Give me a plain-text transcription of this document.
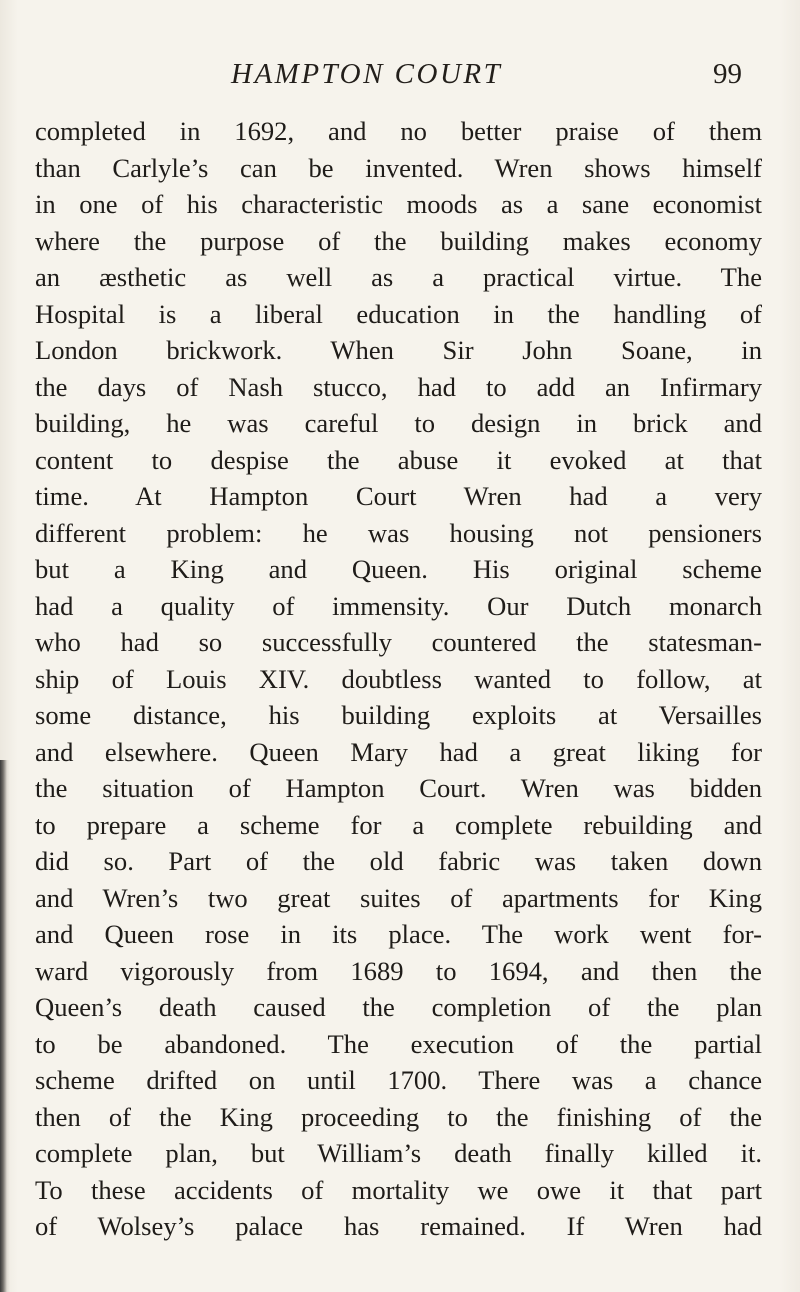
HAMPTON COURT	99
completed in 1692, and no better praise of them
than Carlyle’s can be invented. Wren shows himself
in one of his characteristic moods as a sane economist
where the purpose of the building makes economy
an æsthetic as well as a practical virtue. The
Hospital is a liberal education in the handling of
London brickwork. When Sir John Soane, in
the days of Nash stucco, had to add an Infirmary
building, he was careful to design in brick and
content to despise the abuse it evoked at that
time. At Hampton Court Wren had a very
different problem: he was housing not pensioners
but a King and Queen. His original scheme
had a quality of immensity. Our Dutch monarch
who had so successfully countered the statesman-
ship of Louis XIV. doubtless wanted to follow, at
some distance, his building exploits at Versailles
and elsewhere. Queen Mary had a great liking for
the situation of Hampton Court. Wren was bidden
to prepare a scheme for a complete rebuilding and
did so. Part of the old fabric was taken down
and Wren’s two great suites of apartments for King
and Queen rose in its place. The work went for-
ward vigorously from 1689 to 1694, and then the
Queen’s death caused the completion of the plan
to be abandoned. The execution of the partial
scheme drifted on until 1700. There was a chance
then of the King proceeding to the finishing of the
complete plan, but William’s death finally killed it.
To these accidents of mortality we owe it that part
of Wolsey’s palace has remained. If Wren had
